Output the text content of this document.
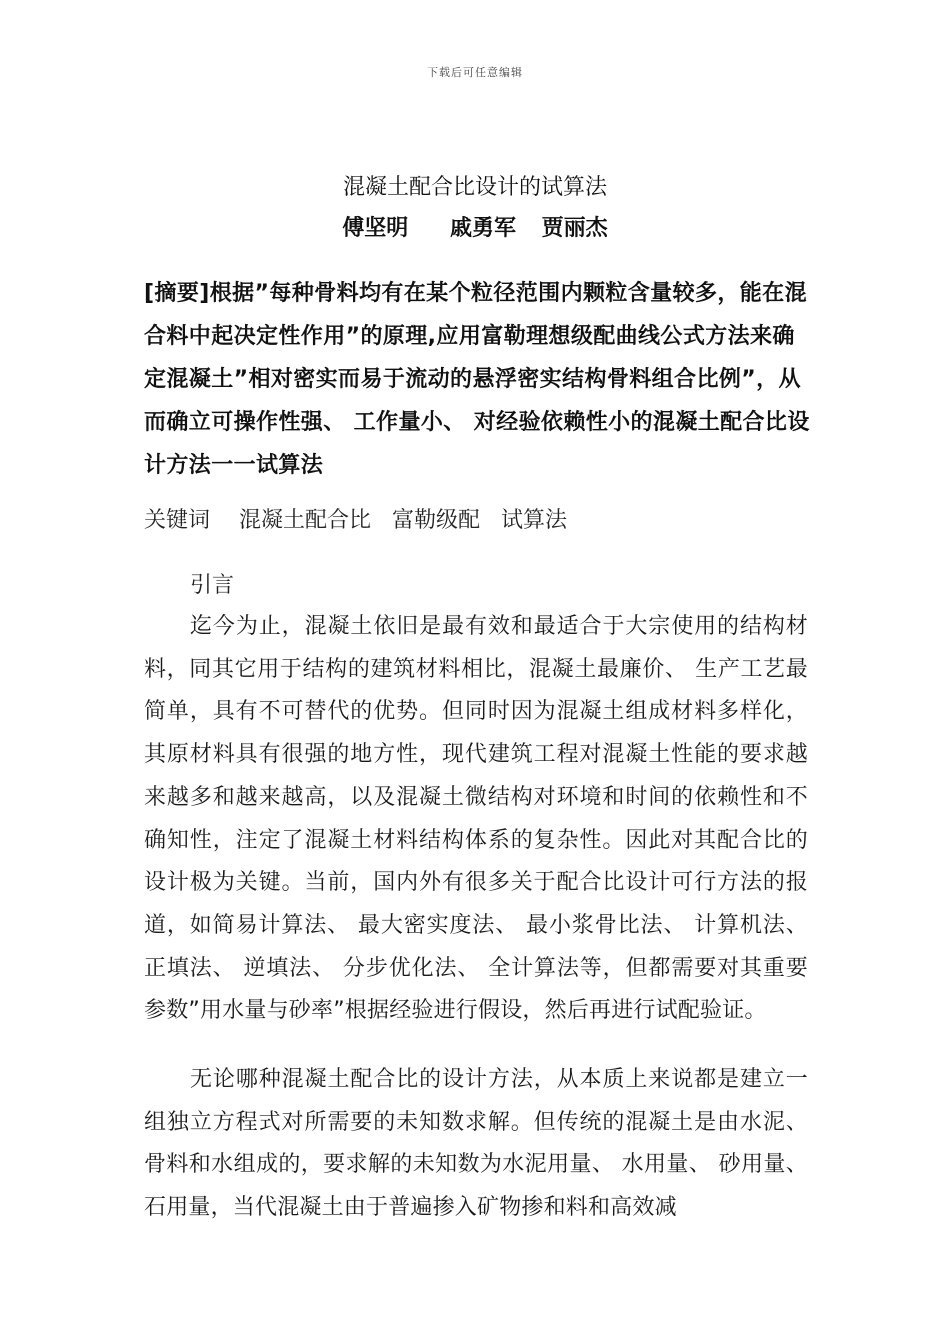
下载后可任意编辑
混凝土配合比设计的试算法
傅坚明 戚勇军 贾丽杰

[摘要]根据”每种骨料均有在某个粒径范围内颗粒含量较多，能在混合料中起决定性作用”的原理,应用富勒理想级配曲线公式方法来确定混凝土”相对密实而易于流动的悬浮密实结构骨料组合比例”，从而确立可操作性强、 工作量小、 对经验依赖性小的混凝土配合比设计方法一一试算法

关键词 混凝土配合比 富勒级配 试算法

引言

迄今为止，混凝土依旧是最有效和最适合于大宗使用的结构材料，同其它用于结构的建筑材料相比，混凝土最廉价、 生产工艺最简单，具有不可替代的优势。但同时因为混凝土组成材料多样化，其原材料具有很强的地方性，现代建筑工程对混凝土性能的要求越来越多和越来越高，以及混凝土微结构对环境和时间的依赖性和不确知性，注定了混凝土材料结构体系的复杂性。因此对其配合比的设计极为关键。当前，国内外有很多关于配合比设计可行方法的报道，如简易计算法、 最大密实度法、 最小浆骨比法、 计算机法、 正填法、 逆填法、 分步优化法、 全计算法等，但都需要对其重要参数”用水量与砂率”根据经验进行假设，然后再进行试配验证。

无论哪种混凝土配合比的设计方法，从本质上来说都是建立一组独立方程式对所需要的未知数求解。但传统的混凝土是由水泥、 骨料和水组成的，要求解的未知数为水泥用量、 水用量、 砂用量、 石用量，当代混凝土由于普遍掺入矿物掺和料和高效减
